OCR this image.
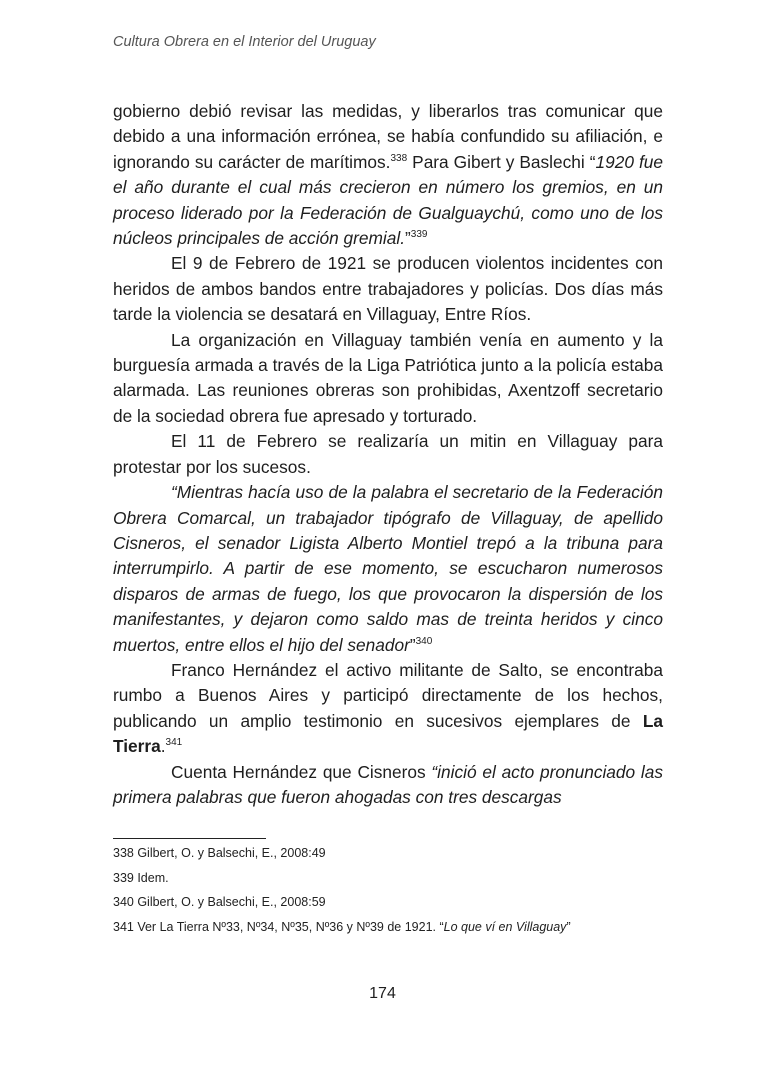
Cultura Obrera en el Interior del Uruguay

gobierno debió revisar las medidas, y liberarlos tras comunicar que debido a una información errónea, se había confundido su afiliación, e ignorando su carácter de marítimos.$^{338}$ Para Gibert y Baslechi “1920 fue el año durante el cual más crecieron en número los gremios, en un proceso liderado por la Federación de Gualguaychú, como uno de los núcleos principales de acción gremial.”$^{339}$

El 9 de Febrero de 1921 se producen violentos incidentes con heridos de ambos bandos entre trabajadores y policías. Dos días más tarde la violencia se desatará en Villaguay, Entre Ríos.

La organización en Villaguay también venía en aumento y la burguesía armada a través de la Liga Patriótica junto a la policía estaba alarmada. Las reuniones obreras son prohibidas, Axentzoff secretario de la sociedad obrera fue apresado y torturado.

El 11 de Febrero se realizaría un mitin en Villaguay para protestar por los sucesos.

“Mientras hacía uso de la palabra el secretario de la Federación Obrera Comarcal, un trabajador tipógrafo de Villaguay, de apellido Cisneros, el senador Ligista Alberto Montiel trepó a la tribuna para interrumpirlo. A partir de ese momento, se escucharon numerosos disparos de armas de fuego, los que provocaron la dispersión de los manifestantes, y dejaron como saldo mas de treinta heridos y cinco muertos, entre ellos el hijo del senador”$^{340}$

Franco Hernández el activo militante de Salto, se encontraba rumbo a Buenos Aires y participó directamente de los hechos, publicando un amplio testimonio en sucesivos ejemplares de La Tierra.$^{341}$

Cuenta Hernández que Cisneros “inició el acto pronunciado las primera palabras que fueron ahogadas con tres descargas

338 Gilbert, O. y Balsechi, E., 2008:49
339 Idem.
340 Gilbert, O. y Balsechi, E., 2008:59
341 Ver La Tierra Nº33, Nº34, Nº35, Nº36 y Nº39 de 1921. “Lo que ví en Villaguay”
174
